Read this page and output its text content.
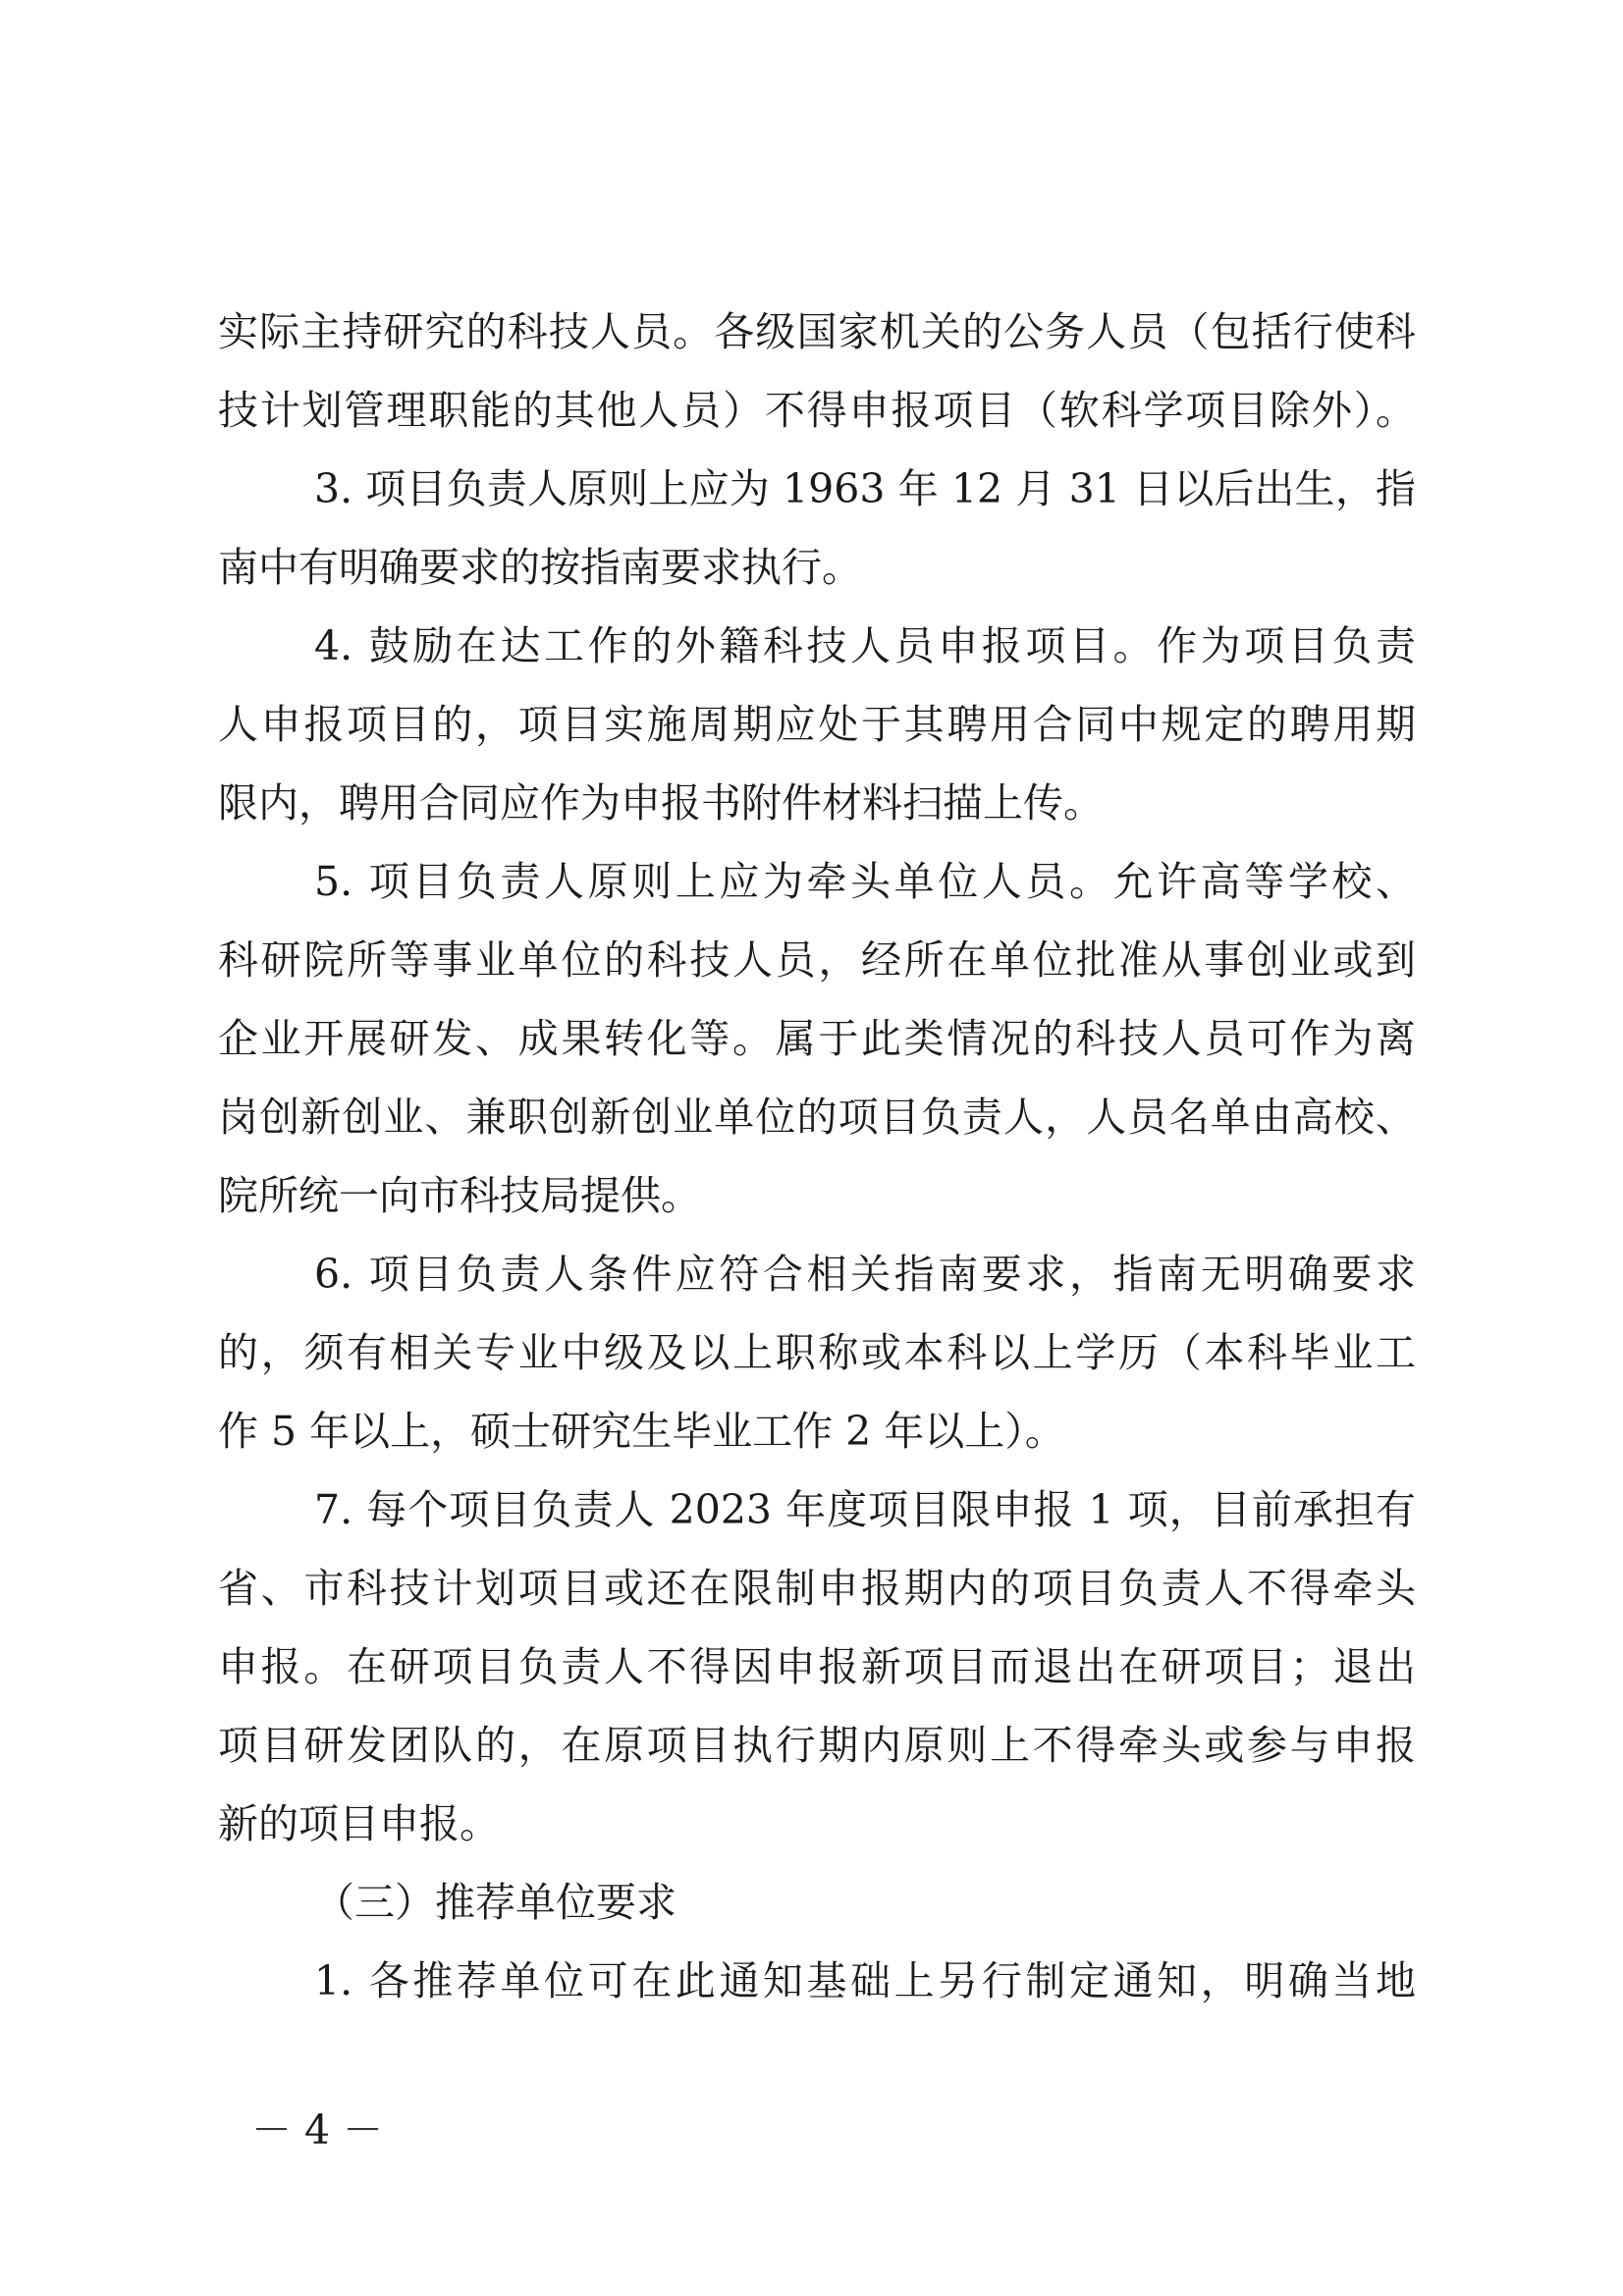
实际主持研究的科技人员。各级国家机关的公务人员（包括行使科
技计划管理职能的其他人员）不得申报项目（软科学项目除外）。
3. 项目负责人原则上应为 1963 年 12 月 31 日以后出生，指
南中有明确要求的按指南要求执行。
4. 鼓励在达工作的外籍科技人员申报项目。作为项目负责
人申报项目的，项目实施周期应处于其聘用合同中规定的聘用期
限内，聘用合同应作为申报书附件材料扫描上传。
5. 项目负责人原则上应为牵头单位人员。允许高等学校、
科研院所等事业单位的科技人员，经所在单位批准从事创业或到
企业开展研发、成果转化等。属于此类情况的科技人员可作为离
岗创新创业、兼职创新创业单位的项目负责人，人员名单由高校、
院所统一向市科技局提供。
6. 项目负责人条件应符合相关指南要求，指南无明确要求
的，须有相关专业中级及以上职称或本科以上学历（本科毕业工
作 5 年以上，硕士研究生毕业工作 2 年以上）。
7. 每个项目负责人 2023 年度项目限申报 1 项，目前承担有
省、市科技计划项目或还在限制申报期内的项目负责人不得牵头
申报。在研项目负责人不得因申报新项目而退出在研项目；退出
项目研发团队的，在原项目执行期内原则上不得牵头或参与申报
新的项目申报。
（三）推荐单位要求
1. 各推荐单位可在此通知基础上另行制定通知，明确当地
－ 4 －
